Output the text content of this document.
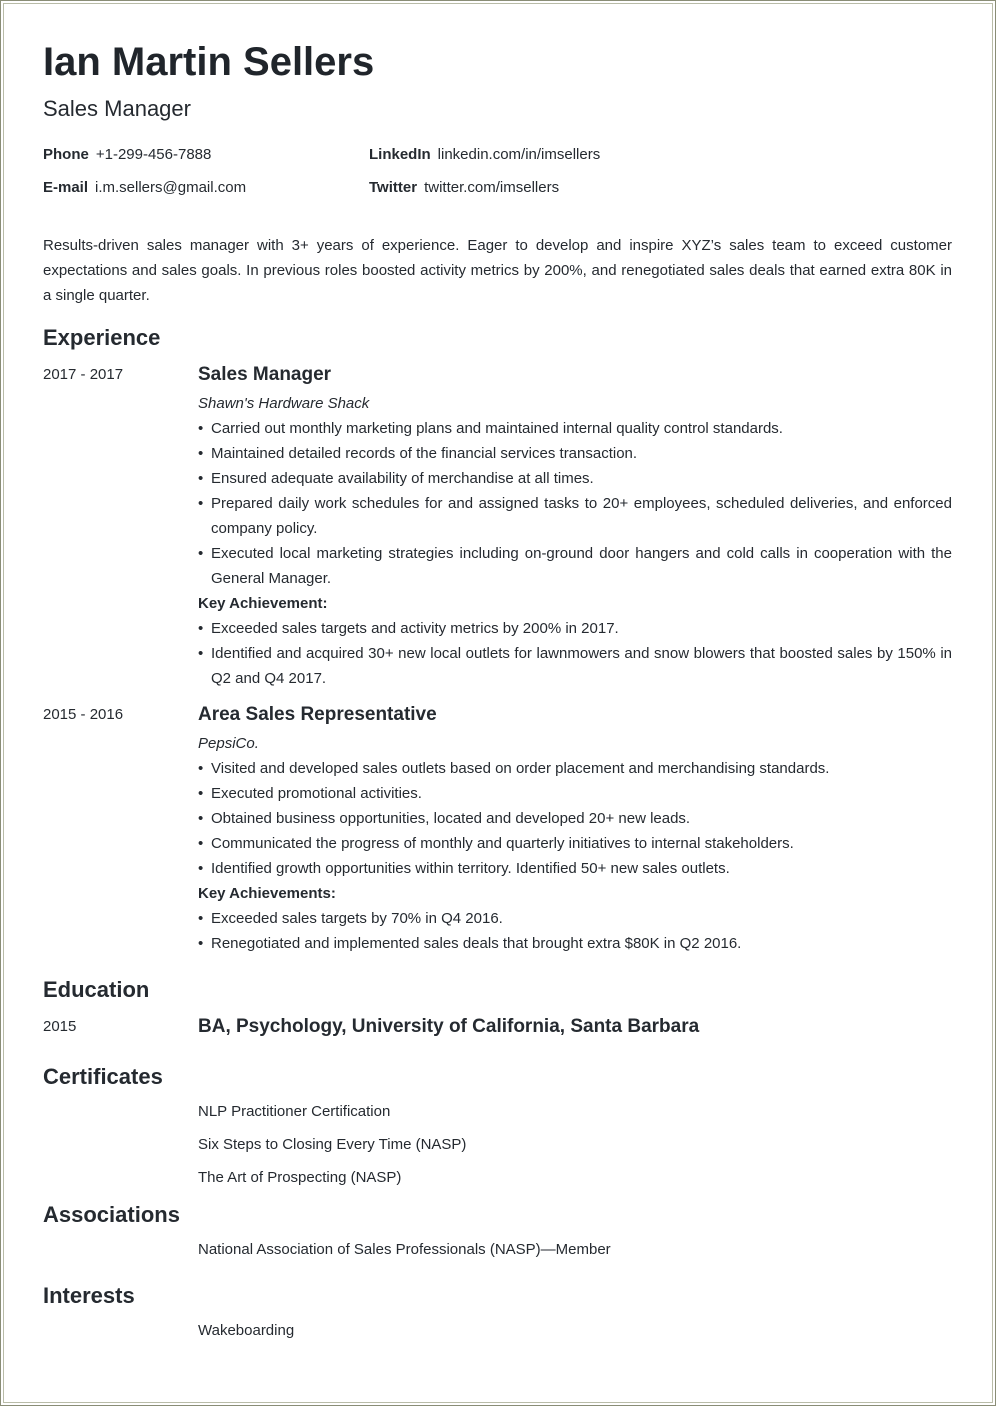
Ian Martin Sellers
Sales Manager
Phone +1-299-456-7888	LinkedIn linkedin.com/in/imsellers
E-mail i.m.sellers@gmail.com	Twitter twitter.com/imsellers
Results-driven sales manager with 3+ years of experience. Eager to develop and inspire XYZ’s sales team to exceed customer expectations and sales goals. In previous roles boosted activity metrics by 200%, and renegotiated sales deals that earned extra 80K in a single quarter.
Experience
2017 - 2017	Sales Manager
Shawn's Hardware Shack
• Carried out monthly marketing plans and maintained internal quality control standards.
• Maintained detailed records of the financial services transaction.
• Ensured adequate availability of merchandise at all times.
• Prepared daily work schedules for and assigned tasks to 20+ employees, scheduled deliveries, and enforced company policy.
• Executed local marketing strategies including on-ground door hangers and cold calls in cooperation with the General Manager.
Key Achievement:
• Exceeded sales targets and activity metrics by 200% in 2017.
• Identified and acquired 30+ new local outlets for lawnmowers and snow blowers that boosted sales by 150% in Q2 and Q4 2017.
2015 - 2016	Area Sales Representative
PepsiCo.
• Visited and developed sales outlets based on order placement and merchandising standards.
• Executed promotional activities.
• Obtained business opportunities, located and developed 20+ new leads.
• Communicated the progress of monthly and quarterly initiatives to internal stakeholders.
• Identified growth opportunities within territory. Identified 50+ new sales outlets.
Key Achievements:
• Exceeded sales targets by 70% in Q4 2016.
• Renegotiated and implemented sales deals that brought extra $80K in Q2 2016.
Education
2015	BA, Psychology, University of California, Santa Barbara
Certificates
NLP Practitioner Certification
Six Steps to Closing Every Time (NASP)
The Art of Prospecting (NASP)
Associations
National Association of Sales Professionals (NASP)—Member
Interests
Wakeboarding
